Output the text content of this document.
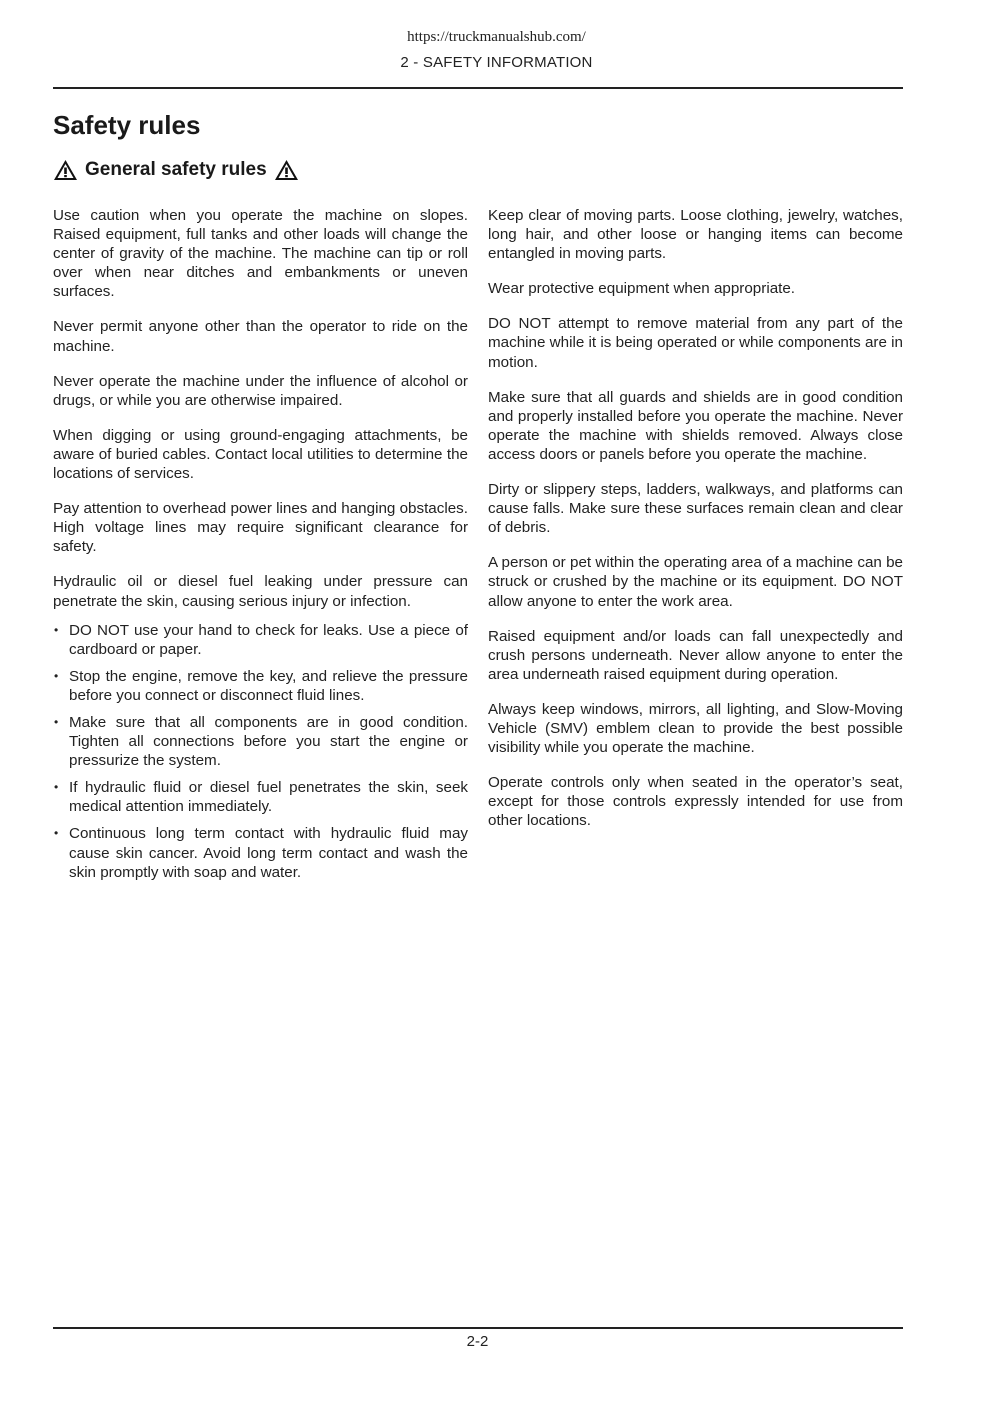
https://truckmanualshub.com/
2 - SAFETY INFORMATION
Safety rules
General safety rules

Use caution when you operate the machine on slopes. Raised equipment, full tanks and other loads will change the center of gravity of the machine. The machine can tip or roll over when near ditches and embankments or uneven surfaces.

Never permit anyone other than the operator to ride on the machine.

Never operate the machine under the influence of alcohol or drugs, or while you are otherwise impaired.

When digging or using ground-engaging attachments, be aware of buried cables. Contact local utilities to determine the locations of services.

Pay attention to overhead power lines and hanging obstacles. High voltage lines may require significant clearance for safety.

Hydraulic oil or diesel fuel leaking under pressure can penetrate the skin, causing serious injury or infection.

• DO NOT use your hand to check for leaks. Use a piece of cardboard or paper.
• Stop the engine, remove the key, and relieve the pressure before you connect or disconnect fluid lines.
• Make sure that all components are in good condition. Tighten all connections before you start the engine or pressurize the system.
• If hydraulic fluid or diesel fuel penetrates the skin, seek medical attention immediately.
• Continuous long term contact with hydraulic fluid may cause skin cancer. Avoid long term contact and wash the skin promptly with soap and water.

Keep clear of moving parts. Loose clothing, jewelry, watches, long hair, and other loose or hanging items can become entangled in moving parts.

Wear protective equipment when appropriate.

DO NOT attempt to remove material from any part of the machine while it is being operated or while components are in motion.

Make sure that all guards and shields are in good condition and properly installed before you operate the machine. Never operate the machine with shields removed. Always close access doors or panels before you operate the machine.

Dirty or slippery steps, ladders, walkways, and platforms can cause falls. Make sure these surfaces remain clean and clear of debris.

A person or pet within the operating area of a machine can be struck or crushed by the machine or its equipment. DO NOT allow anyone to enter the work area.

Raised equipment and/or loads can fall unexpectedly and crush persons underneath. Never allow anyone to enter the area underneath raised equipment during operation.

Always keep windows, mirrors, all lighting, and Slow-Moving Vehicle (SMV) emblem clean to provide the best possible visibility while you operate the machine.

Operate controls only when seated in the operator’s seat, except for those controls expressly intended for use from other locations.

2-2
